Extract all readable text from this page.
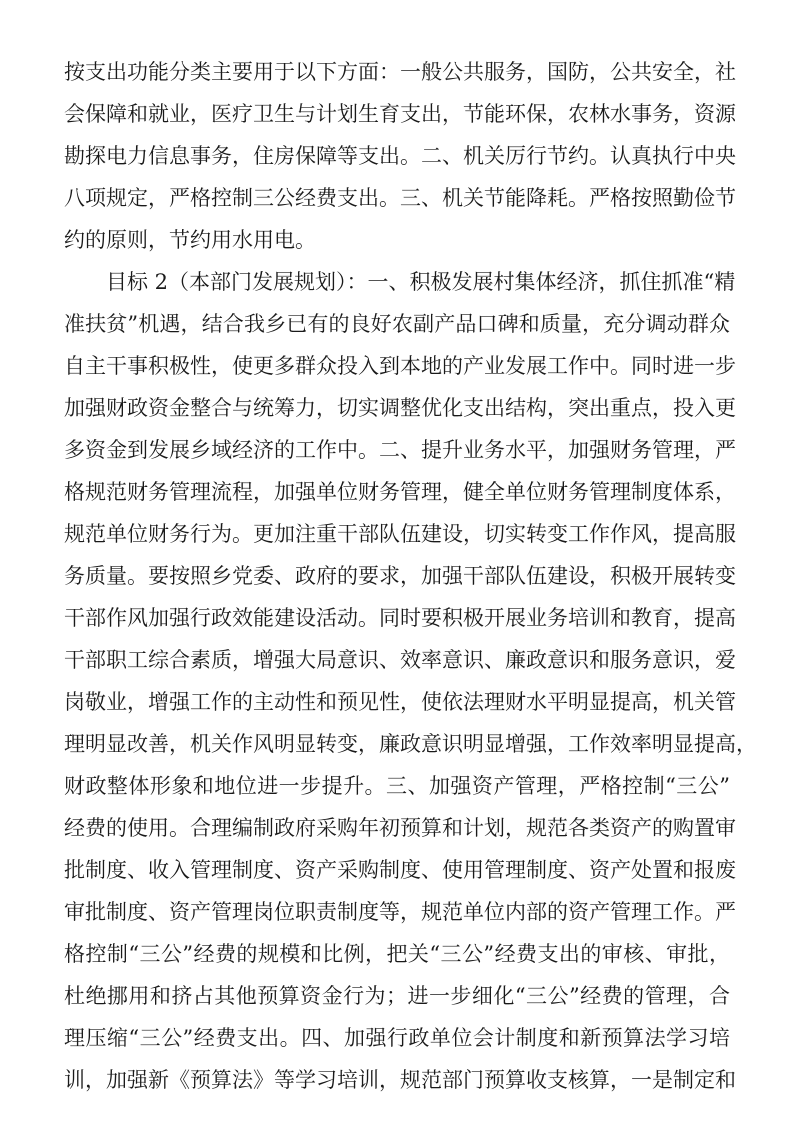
按支出功能分类主要用于以下方面：一般公共服务，国防，公共安全，社
会保障和就业，医疗卫生与计划生育支出，节能环保，农林水事务，资源
勘探电力信息事务，住房保障等支出。二、机关厉行节约。认真执行中央
八项规定，严格控制三公经费支出。三、机关节能降耗。严格按照勤俭节
约的原则，节约用水用电。
目标 2（本部门发展规划）：一、积极发展村集体经济，抓住抓准“精
准扶贫”机遇，结合我乡已有的良好农副产品口碑和质量，充分调动群众
自主干事积极性，使更多群众投入到本地的产业发展工作中。同时进一步
加强财政资金整合与统筹力，切实调整优化支出结构，突出重点，投入更
多资金到发展乡域经济的工作中。二、提升业务水平，加强财务管理，严
格规范财务管理流程，加强单位财务管理，健全单位财务管理制度体系，
规范单位财务行为。更加注重干部队伍建设，切实转变工作作风，提高服
务质量。要按照乡党委、政府的要求，加强干部队伍建设，积极开展转变
干部作风加强行政效能建设活动。同时要积极开展业务培训和教育，提高
干部职工综合素质，增强大局意识、效率意识、廉政意识和服务意识，爱
岗敬业，增强工作的主动性和预见性，使依法理财水平明显提高，机关管
理明显改善，机关作风明显转变，廉政意识明显增强，工作效率明显提高，
财政整体形象和地位进一步提升。三、加强资产管理，严格控制“三公”
经费的使用。合理编制政府采购年初预算和计划，规范各类资产的购置审
批制度、收入管理制度、资产采购制度、使用管理制度、资产处置和报废
审批制度、资产管理岗位职责制度等，规范单位内部的资产管理工作。严
格控制“三公”经费的规模和比例，把关“三公”经费支出的审核、审批，
杜绝挪用和挤占其他预算资金行为；进一步细化“三公”经费的管理，合
理压缩“三公”经费支出。四、加强行政单位会计制度和新预算法学习培
训，加强新《预算法》等学习培训，规范部门预算收支核算，一是制定和
